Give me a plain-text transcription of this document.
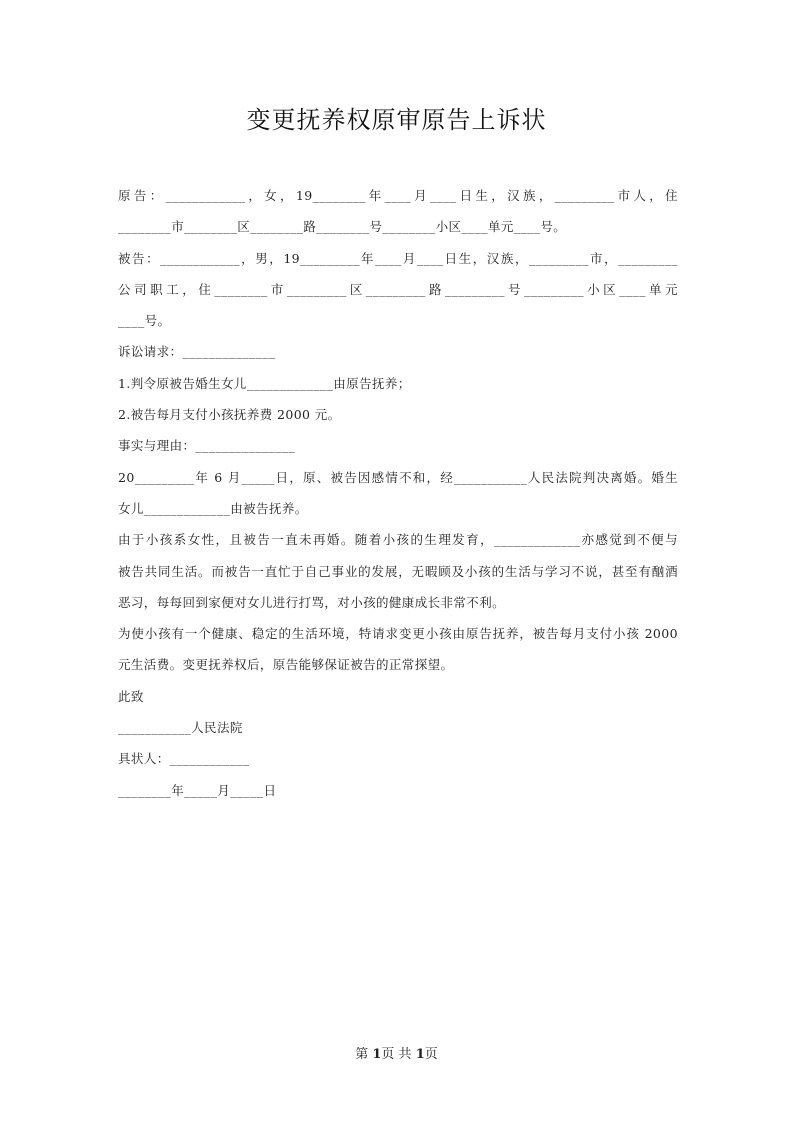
变更抚养权原审原告上诉状
原告：____________，女，19________年____月____日生，汉族，_________市人，住
________市________区________路________号________小区____单元____号。
被告：____________，男，19_________年____月____日生，汉族，_________市，_________
公司职工，住________市_________区_________路_________号_________小区____单元
____号。
诉讼请求：______________
1.判令原被告婚生女儿_____________由原告抚养；
2.被告每月支付小孩抚养费 2000 元。
事实与理由：_______________
20_________年 6 月_____日，原、被告因感情不和，经___________人民法院判决离婚。婚生
女儿_____________由被告抚养。
由于小孩系女性，且被告一直未再婚。随着小孩的生理发育，_____________亦感觉到不便与
被告共同生活。而被告一直忙于自己事业的发展，无暇顾及小孩的生活与学习不说，甚至有酗酒
恶习，每每回到家便对女儿进行打骂，对小孩的健康成长非常不利。
为使小孩有一个健康、稳定的生活环境，特请求变更小孩由原告抚养，被告每月支付小孩 2000
元生活费。变更抚养权后，原告能够保证被告的正常探望。
此致
___________人民法院
具状人：____________
________年_____月_____日
第 1页 共 1页
